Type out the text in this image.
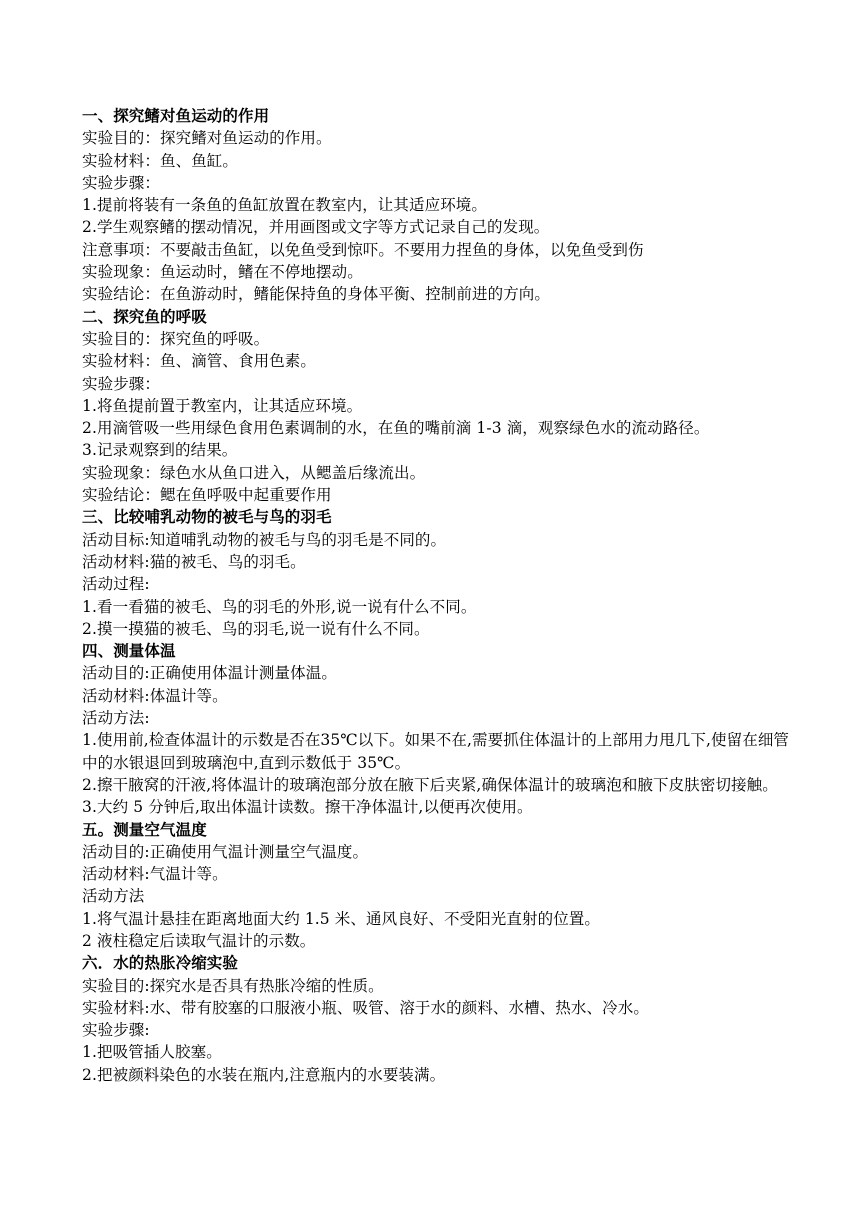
一、探究鳍对鱼运动的作用
实验目的：探究鳍对鱼运动的作用。
实验材料：鱼、鱼缸。
实验步骤：
1.提前将装有一条鱼的鱼缸放置在教室内，让其适应环境。
2.学生观察鳍的摆动情况，并用画图或文字等方式记录自己的发现。
注意事项：不要敲击鱼缸，以免鱼受到惊吓。不要用力捏鱼的身体，以免鱼受到伤
实验现象：鱼运动时，鳍在不停地摆动。
实验结论：在鱼游动时，鳍能保持鱼的身体平衡、控制前进的方向。
二、探究鱼的呼吸
实验目的：探究鱼的呼吸。
实验材料：鱼、滴管、食用色素。
实验步骤：
1.将鱼提前置于教室内，让其适应环境。
2.用滴管吸一些用绿色食用色素调制的水，在鱼的嘴前滴 1-3 滴，观察绿色水的流动路径。
3.记录观察到的结果。
实验现象：绿色水从鱼口进入，从鳃盖后缘流出。
实验结论：鳃在鱼呼吸中起重要作用
三、比较哺乳动物的被毛与鸟的羽毛
活动目标:知道哺乳动物的被毛与鸟的羽毛是不同的。
活动材料:猫的被毛、鸟的羽毛。
活动过程:
1.看一看猫的被毛、鸟的羽毛的外形,说一说有什么不同。
2.摸一摸猫的被毛、鸟的羽毛,说一说有什么不同。
四、测量体温
活动目的:正确使用体温计测量体温。
活动材料:体温计等。
活动方法:
1.使用前,检查体温计的示数是否在35℃以下。如果不在,需要抓住体温计的上部用力甩几下,使留在细管中的水银退回到玻璃泡中,直到示数低于 35℃。
2.擦干腋窝的汗液,将体温计的玻璃泡部分放在腋下后夹紧,确保体温计的玻璃泡和腋下皮肤密切接触。
3.大约 5 分钟后,取出体温计读数。擦干净体温计,以便再次使用。
五。测量空气温度
活动目的:正确使用气温计测量空气温度。
活动材料:气温计等。
活动方法
1.将气温计悬挂在距离地面大约 1.5 米、通风良好、不受阳光直射的位置。
2 液柱稳定后读取气温计的示数。
六．水的热胀冷缩实验
实验目的:探究水是否具有热胀冷缩的性质。
实验材料:水、带有胶塞的口服液小瓶、吸管、溶于水的颜料、水槽、热水、冷水。
实验步骤:
1.把吸管插人胶塞。
2.把被颜料染色的水装在瓶内,注意瓶内的水要装满。
